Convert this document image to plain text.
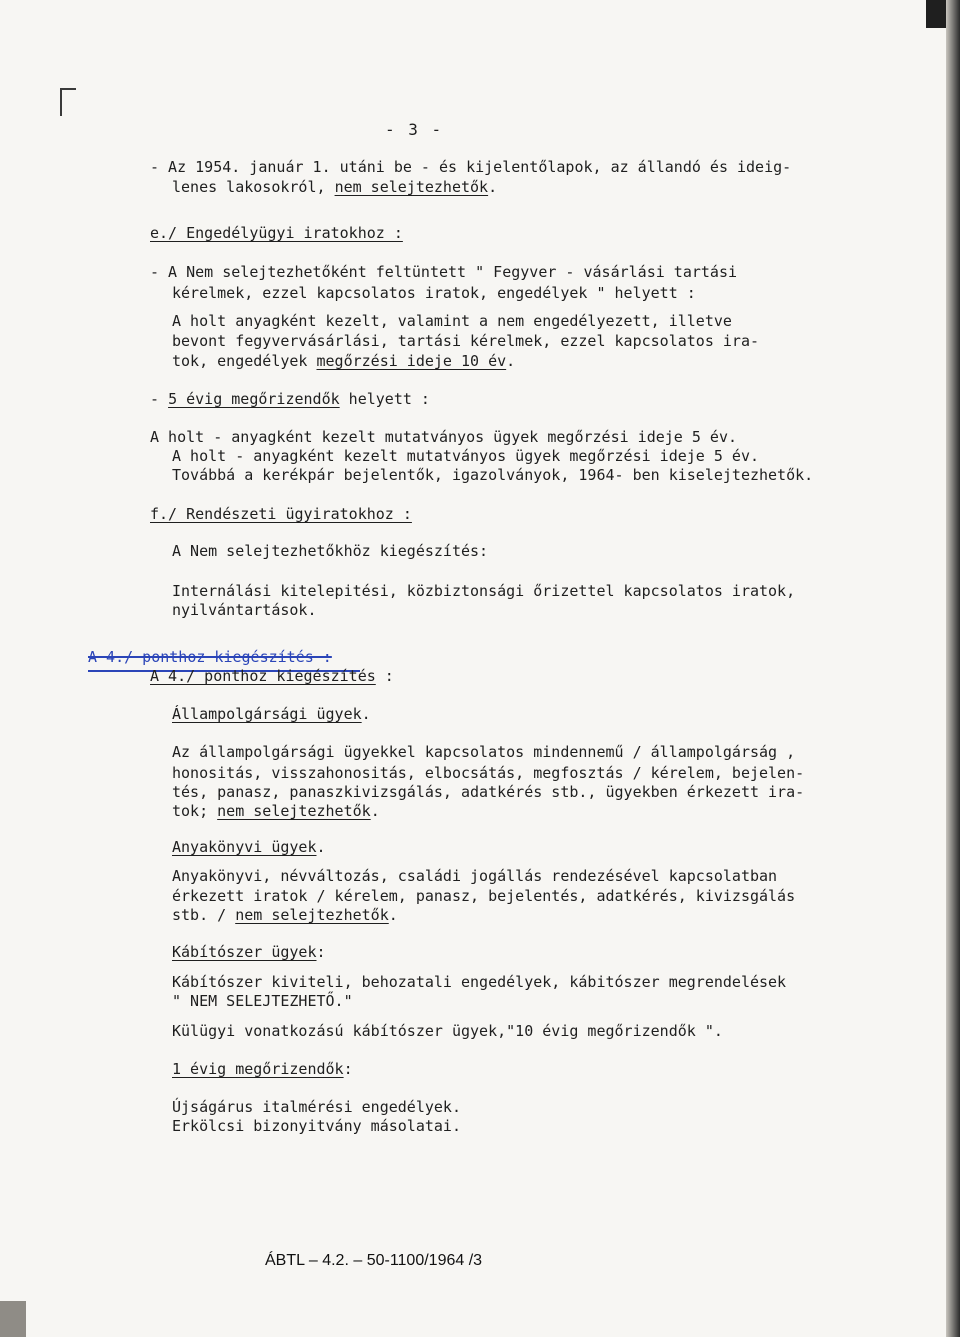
- 3 -

- Az 1954. január 1. utáni be - és kijelentőlapok, az állandó és ideig-

lenes lakosokról, nem selejtezhetők.

e./ Engedélyügyi iratokhoz :

- A Nem selejtezhetőként feltüntett " Fegyver - vásárlási tartási

kérelmek, ezzel kapcsolatos iratok, engedélyek " helyett :

A holt anyagként kezelt, valamint a nem engedélyezett, illetve

bevont fegyvervásárlási, tartási kérelmek, ezzel kapcsolatos ira-

tok, engedélyek megőrzési ideje 10 év.

- 5 évig megőrizendők helyett :

A holt - anyagként kezelt mutatványos ügyek megőrzési ideje 5 év.

A holt - anyagként kezelt mutatványos ügyek megőrzési ideje 5 év.

Továbbá a kerékpár bejelentők, igazolványok, 1964- ben kiselejtezhetők.

f./ Rendészeti ügyiratokhoz :

A Nem selejtezhetőkhöz kiegészítés:

Internálási kitelepitési, közbiztonsági őrizettel kapcsolatos iratok,

nyilvántartások.

A 4./ ponthoz kiegészítés :

A 4./ ponthoz kiegészítés :

Állampolgársági ügyek.

Az állampolgársági ügyekkel kapcsolatos mindennemű / állampolgárság ,

honositás, visszahonositás, elbocsátás, megfosztás / kérelem, bejelen-

tés, panasz, panaszkivizsgálás, adatkérés stb., ügyekben érkezett ira-

tok; nem selejtezhetők.

Anyakönyvi ügyek.

Anyakönyvi, névváltozás, családi jogállás rendezésével kapcsolatban

érkezett iratok / kérelem, panasz, bejelentés, adatkérés, kivizsgálás

stb. / nem selejtezhetők.

Kábítószer ügyek:

Kábítószer kiviteli, behozatali engedélyek, kábitószer megrendelések

" NEM SELEJTEZHETŐ."

Külügyi vonatkozású kábítószer ügyek,"10 évig megőrizendők ".

1 évig megőrizendők:

Újságárus italmérési engedélyek.

Erkölcsi bizonyitvány másolatai.

ÁBTL – 4.2. – 50-1100/1964 /3
